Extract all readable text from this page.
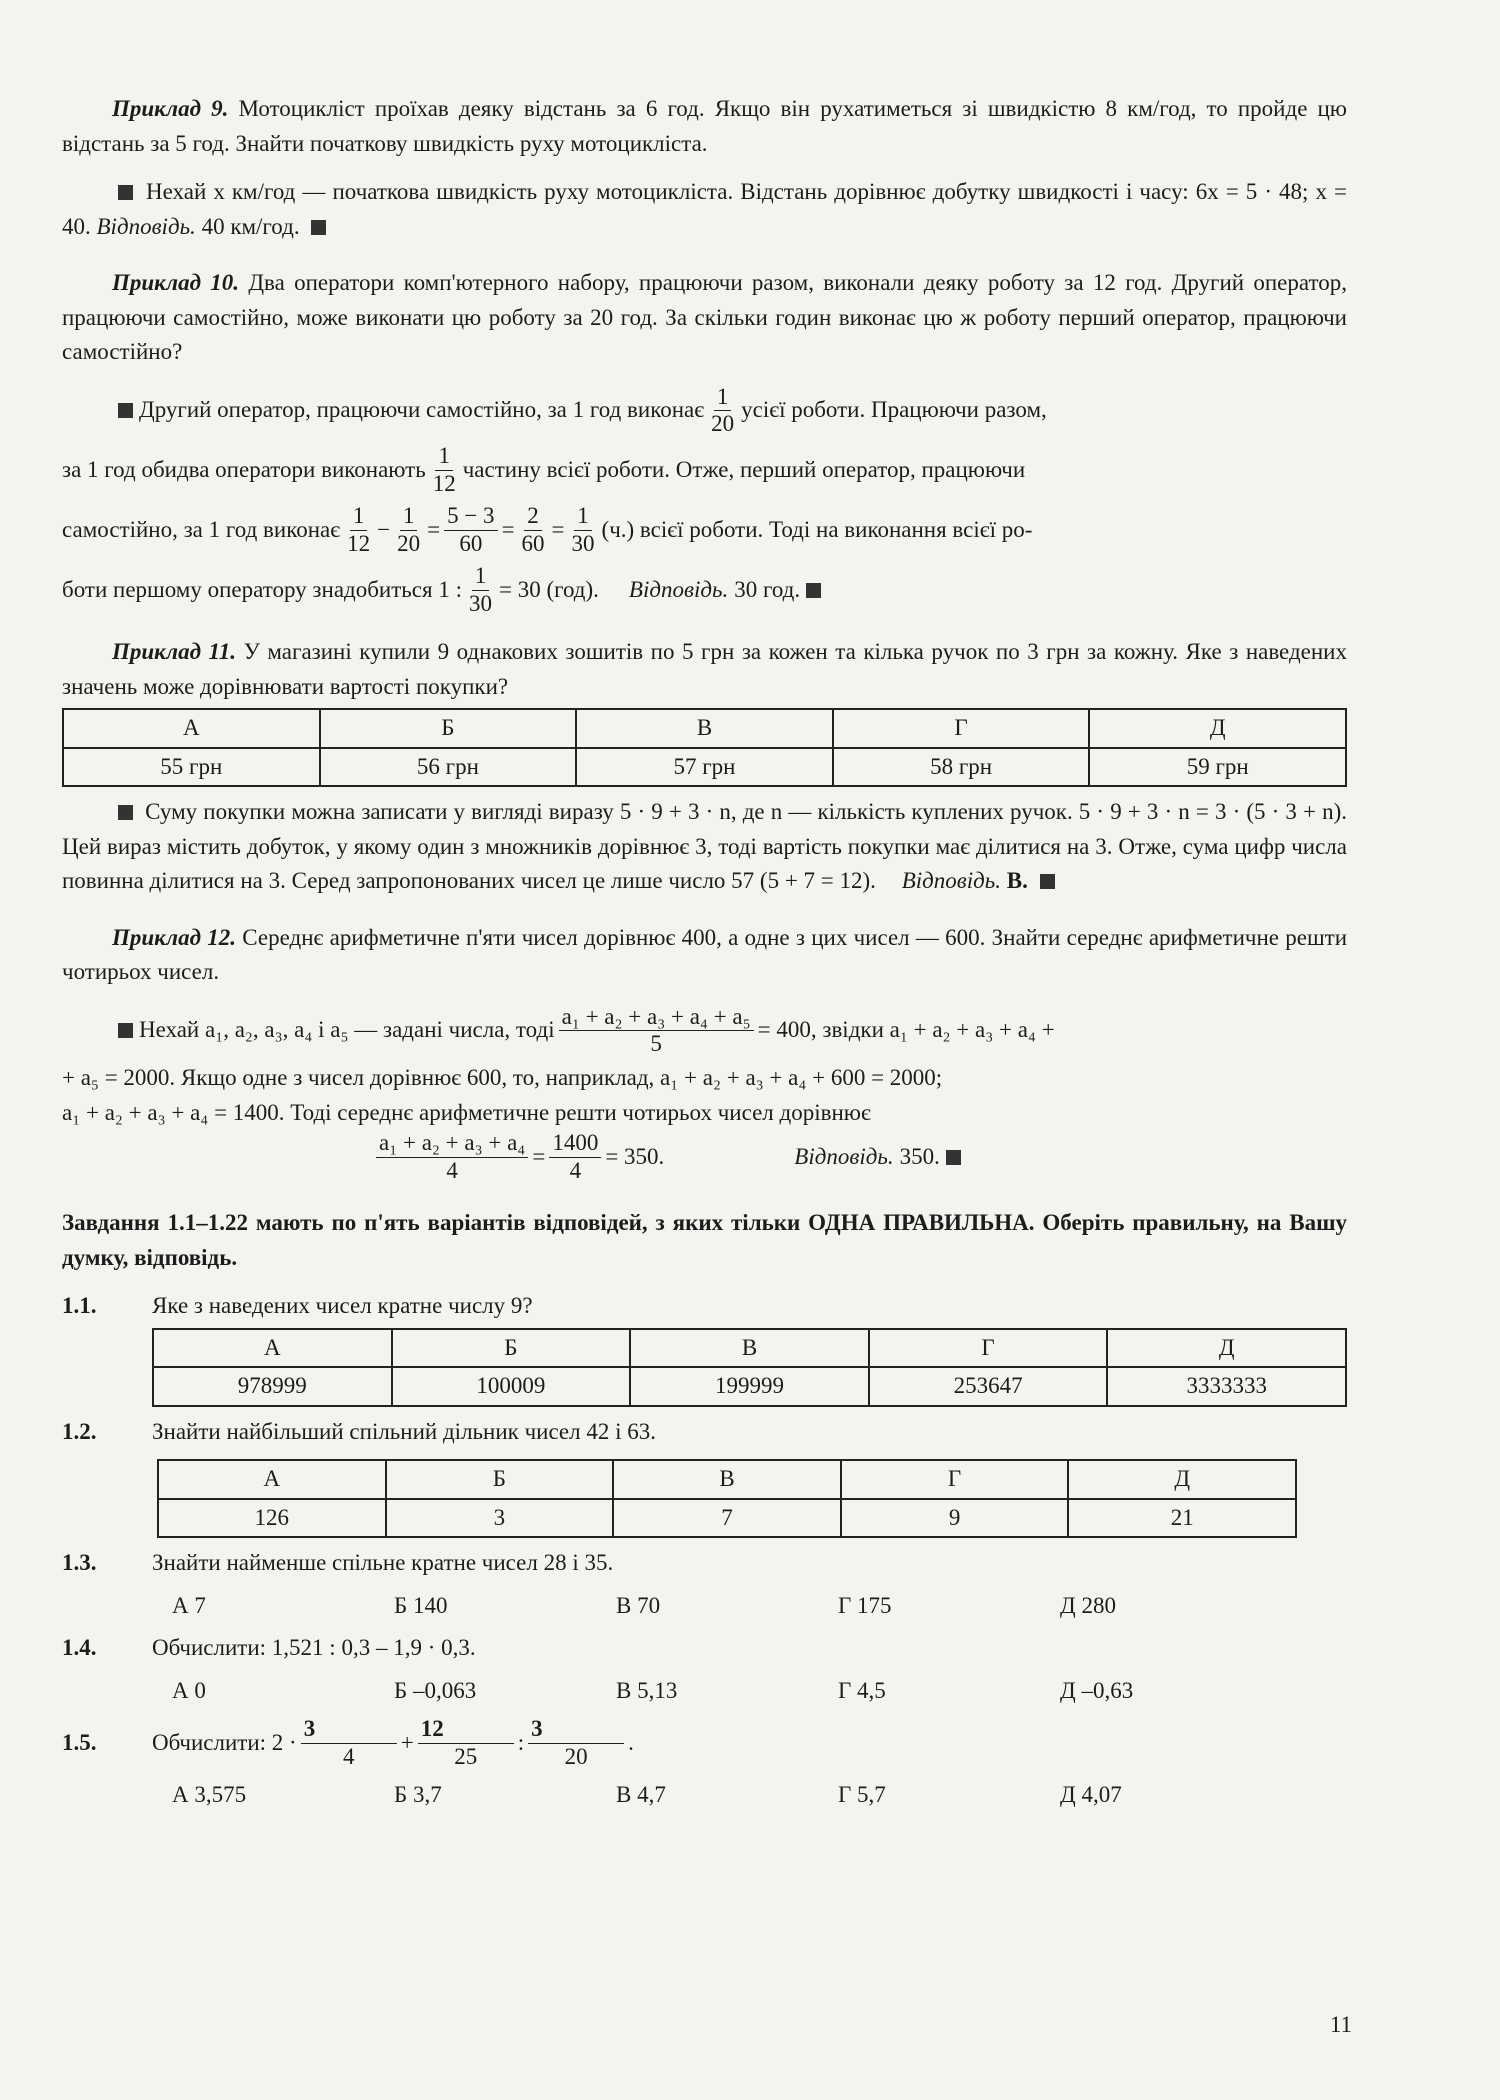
Приклад 9. Мотоцикліст проїхав деяку відстань за 6 год. Якщо він рухатиметься зі швидкістю 8 км/год, то пройде цю відстань за 5 год. Знайти початкову швидкість руху мотоцикліста.

Нехай x км/год — початкова швидкість руху мотоцикліста. Відстань дорівнює добутку швидкості і часу: 6x = 5 · 48; x = 40. Відповідь. 40 км/год.

Приклад 10. Два оператори комп'ютерного набору, працюючи разом, виконали деяку роботу за 12 год. Другий оператор, працюючи самостійно, може виконати цю роботу за 20 год. За скільки годин виконає цю ж роботу перший оператор, працюючи самостійно?

Другий оператор, працюючи самостійно, за 1 год виконає $\frac{1}{20}$ усієї роботи. Працюючи разом,
за 1 год обидва оператори виконають $\frac{1}{12}$ частину всієї роботи. Отже, перший оператор, працюючи
самостійно, за 1 год виконає $\frac{1}{12} - \frac{1}{20} = \frac{5 - 3}{60} = \frac{2}{60} = \frac{1}{30} (ч.)$ всієї роботи. Тоді на виконання всієї ро-
боти першому оператору знадобиться 1 : $\frac{1}{30} = 30$ (год). Відповідь. 30 год.

Приклад 11. У магазині купили 9 однакових зошитів по 5 грн за кожен та кілька ручок по 3 грн за кожну. Яке з наведених значень може дорівнювати вартості покупки?

А	Б	В	Г	Д
55 грн	56 грн	57 грн	58 грн	59 грн

Суму покупки можна записати у вигляді виразу 5 · 9 + 3 · n, де n — кількість куплених ручок. 5 · 9 + 3 · n = 3 · (5 · 3 + n). Цей вираз містить добуток, у якому один з множників дорівнює 3, тоді вартість покупки має ділитися на 3. Отже, сума цифр числа повинна ділитися на 3. Серед запропонованих чисел це лише число 57 (5 + 7 = 12). Відповідь. В.

Приклад 12. Середнє арифметичне п'яти чисел дорівнює 400, а одне з цих чисел — 600. Знайти середнє арифметичне решти чотирьох чисел.

Нехай a₁, a₂, a₃, a₄ і a₅ — задані числа, тоді $\frac{\text{a₁ + a₂ + a₃ + a₄ + a₅}}{5} = 400$, звідки a₁ + a₂ + a₃ + a₄ +

+ a₅ = 2000. Якщо одне з чисел дорівнює 600, то, наприклад, a₁ + a₂ + a₃ + a₄ + 600 = 2000;

a₁ + a₂ + a₃ + a₄ = 1400. Тоді середнє арифметичне решти чотирьох чисел дорівнює

$\frac{\text{a₁ + a₂ + a₃ + a₄}}{4} = \frac{1400}{4} = 350$.	Відповідь. 350.

Завдання 1.1–1.22 мають по п'ять варіантів відповідей, з яких тільки ОДНА ПРАВИЛЬНА. Оберіть правильну, на Вашу думку, відповідь.

1.1.	Яке з наведених чисел кратне числу 9?
А	Б	В	Г	Д
978999	100009	199999	253647	3333333
1.2.	Знайти найбільший спільний дільник чисел 42 і 63.
А	Б	В	Г	Д
126	3	7	9	21
1.3.	Знайти найменше спільне кратне чисел 28 і 35.
А 7	Б 140	В 70	Г 175	Д 280
1.4.	Обчислити: 1,521 : 0,3 – 1,9 · 0,3.
А 0	Б –0,063	В 5,13	Г 4,5	Д –0,63
1.5.	Обчислити: $2 \cdot \frac{3}{4} + \frac{12}{25}$ : $\frac{3}{20}$ .
А 3,575	Б 3,7	В 4,7	Г 5,7	Д 4,07
11
